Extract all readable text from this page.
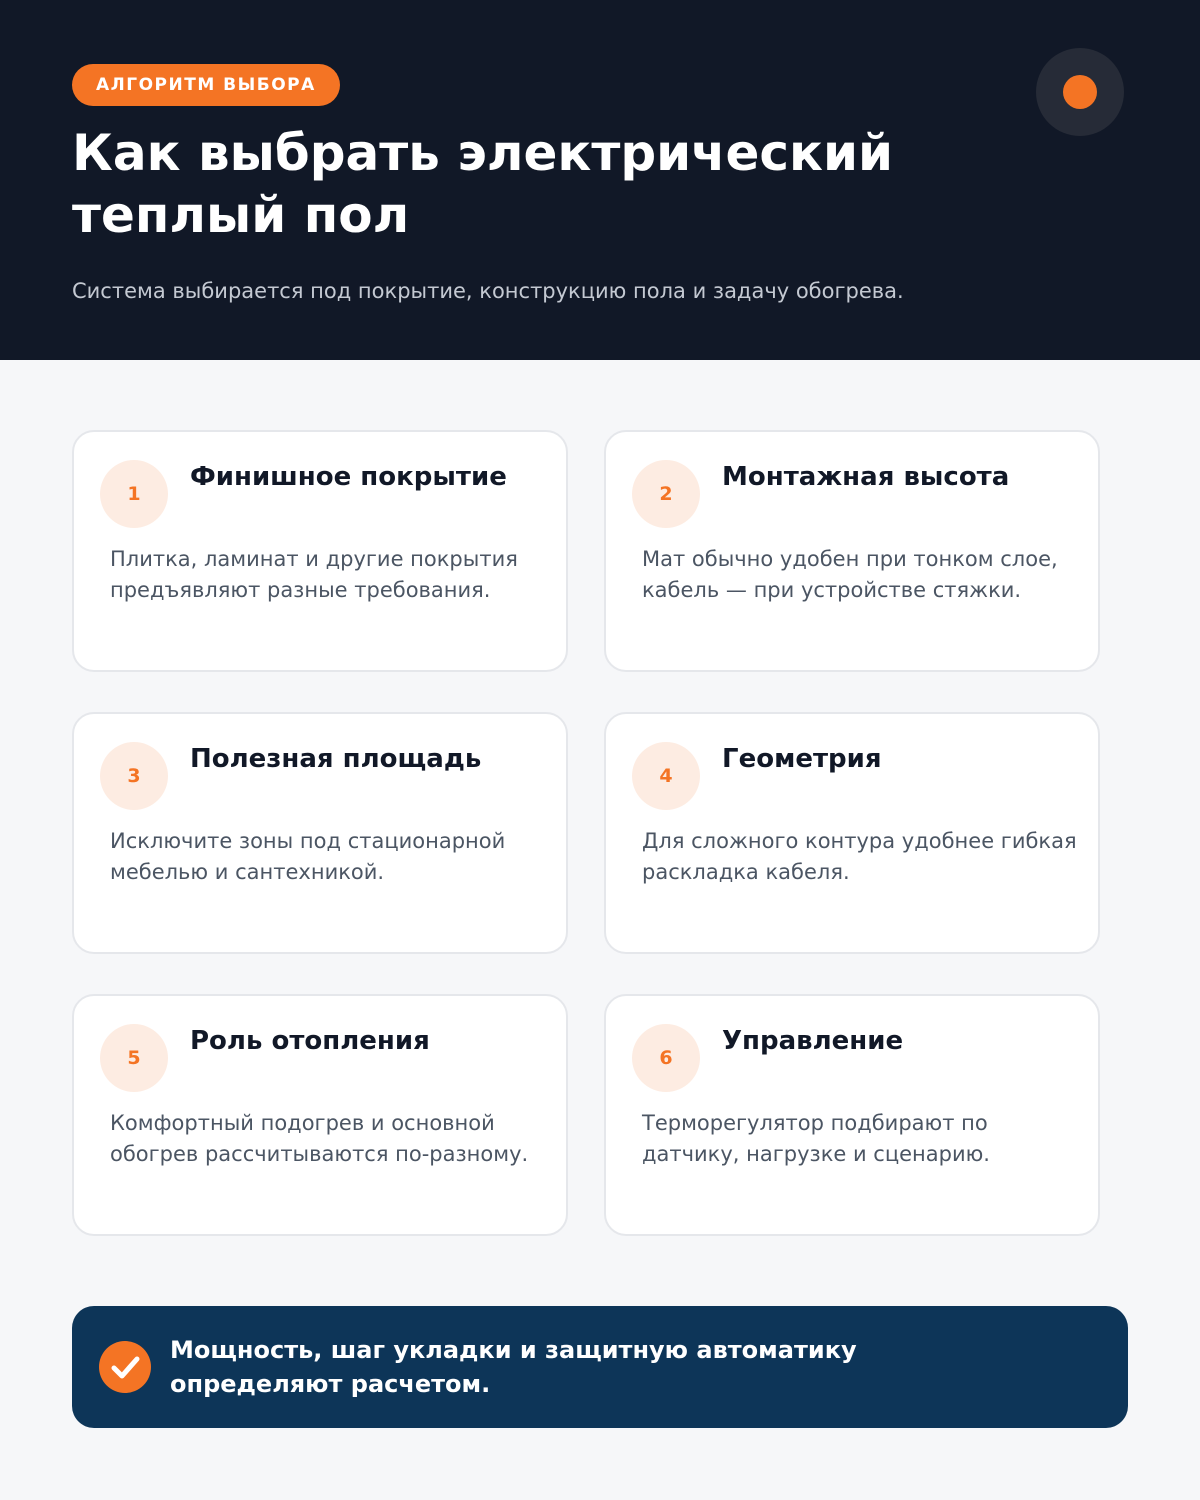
АЛГОРИТМ ВЫБОРА
Как выбрать электрический теплый пол

Система выбирается под покрытие, конструкцию пола и задачу обогрева.

1
Финишное покрытие

Плитка, ламинат и другие покрытия предъявляют разные требования.

2
Монтажная высота

Мат обычно удобен при тонком слое, кабель — при устройстве стяжки.

3
Полезная площадь

Исключите зоны под стационарной мебелью и сантехникой.

4
Геометрия

Для сложного контура удобнее гибкая раскладка кабеля.

5
Роль отопления

Комфортный подогрев и основной обогрев рассчитываются по-разному.

6
Управление

Терморегулятор подбирают по датчику, нагрузке и сценарию.

Мощность, шаг укладки и защитную автоматику определяют расчетом.
